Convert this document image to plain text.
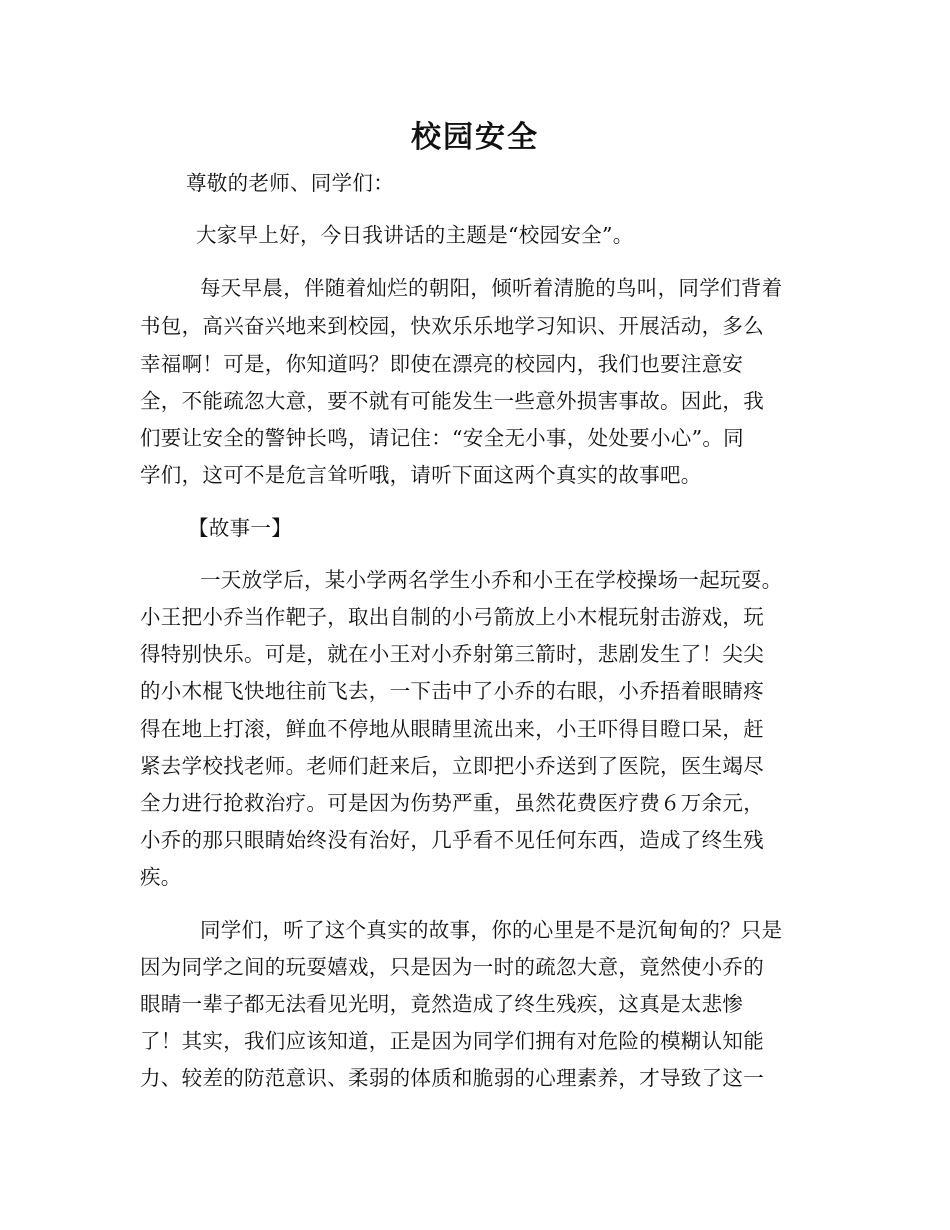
校园安全
尊敬的老师、同学们：
大家早上好，今日我讲话的主题是“校园安全”。
每天早晨，伴随着灿烂的朝阳，倾听着清脆的鸟叫，同学们背着
书包，高兴奋兴地来到校园，快欢乐乐地学习知识、开展活动，多么
幸福啊！可是，你知道吗？即使在漂亮的校园内，我们也要注意安
全，不能疏忽大意，要不就有可能发生一些意外损害事故。因此，我
们要让安全的警钟长鸣，请记住：“安全无小事，处处要小心”。同
学们，这可不是危言耸听哦，请听下面这两个真实的故事吧。
【故事一】
一天放学后，某小学两名学生小乔和小王在学校操场一起玩耍。
小王把小乔当作靶子，取出自制的小弓箭放上小木棍玩射击游戏，玩
得特别快乐。可是，就在小王对小乔射第三箭时，悲剧发生了！尖尖
的小木棍飞快地往前飞去，一下击中了小乔的右眼，小乔捂着眼睛疼
得在地上打滚，鲜血不停地从眼睛里流出来，小王吓得目瞪口呆，赶
紧去学校找老师。老师们赶来后，立即把小乔送到了医院，医生竭尽
全力进行抢救治疗。可是因为伤势严重，虽然花费医疗费６万余元，
小乔的那只眼睛始终没有治好，几乎看不见任何东西，造成了终生残
疾。
同学们，听了这个真实的故事，你的心里是不是沉甸甸的？只是
因为同学之间的玩耍嬉戏，只是因为一时的疏忽大意，竟然使小乔的
眼睛一辈子都无法看见光明，竟然造成了终生残疾，这真是太悲惨
了！其实，我们应该知道，正是因为同学们拥有对危险的模糊认知能
力、较差的防范意识、柔弱的体质和脆弱的心理素养，才导致了这一
